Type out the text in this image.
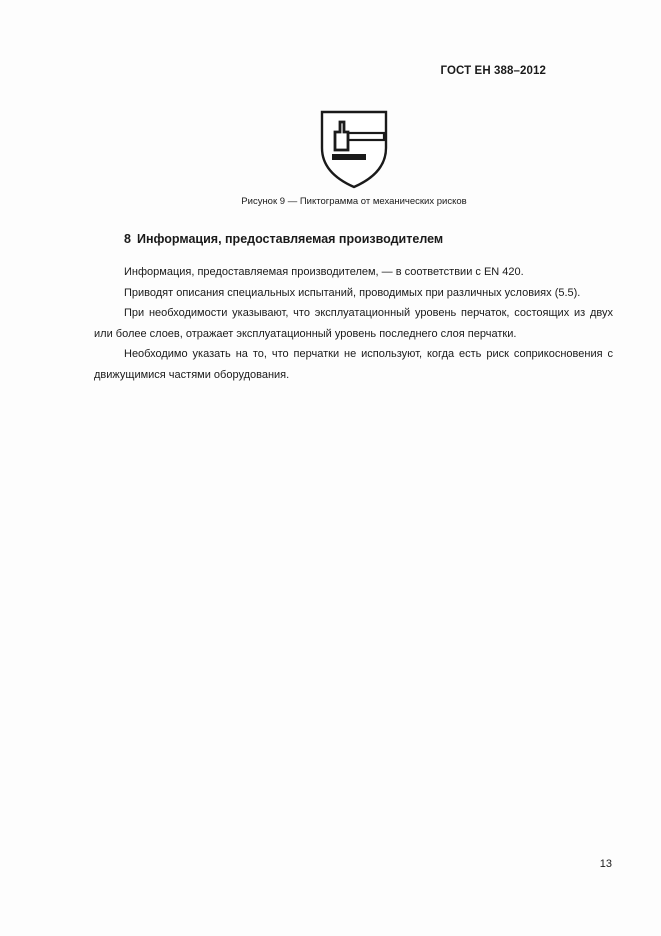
ГОСТ ЕН 388–2012
Рисунок 9 — Пиктограмма от механических рисков
8 Информация, предоставляемая производителем

Информация, предоставляемая производителем, — в соответствии с EN 420.

Приводят описания специальных испытаний, проводимых при различных условиях (5.5).

При необходимости указывают, что эксплуатационный уровень перчаток, состоящих из двух или более слоев, отражает эксплуатационный уровень последнего слоя перчатки.

Необходимо указать на то, что перчатки не используют, когда есть риск соприкосновения с движущимися частями оборудования.

13
